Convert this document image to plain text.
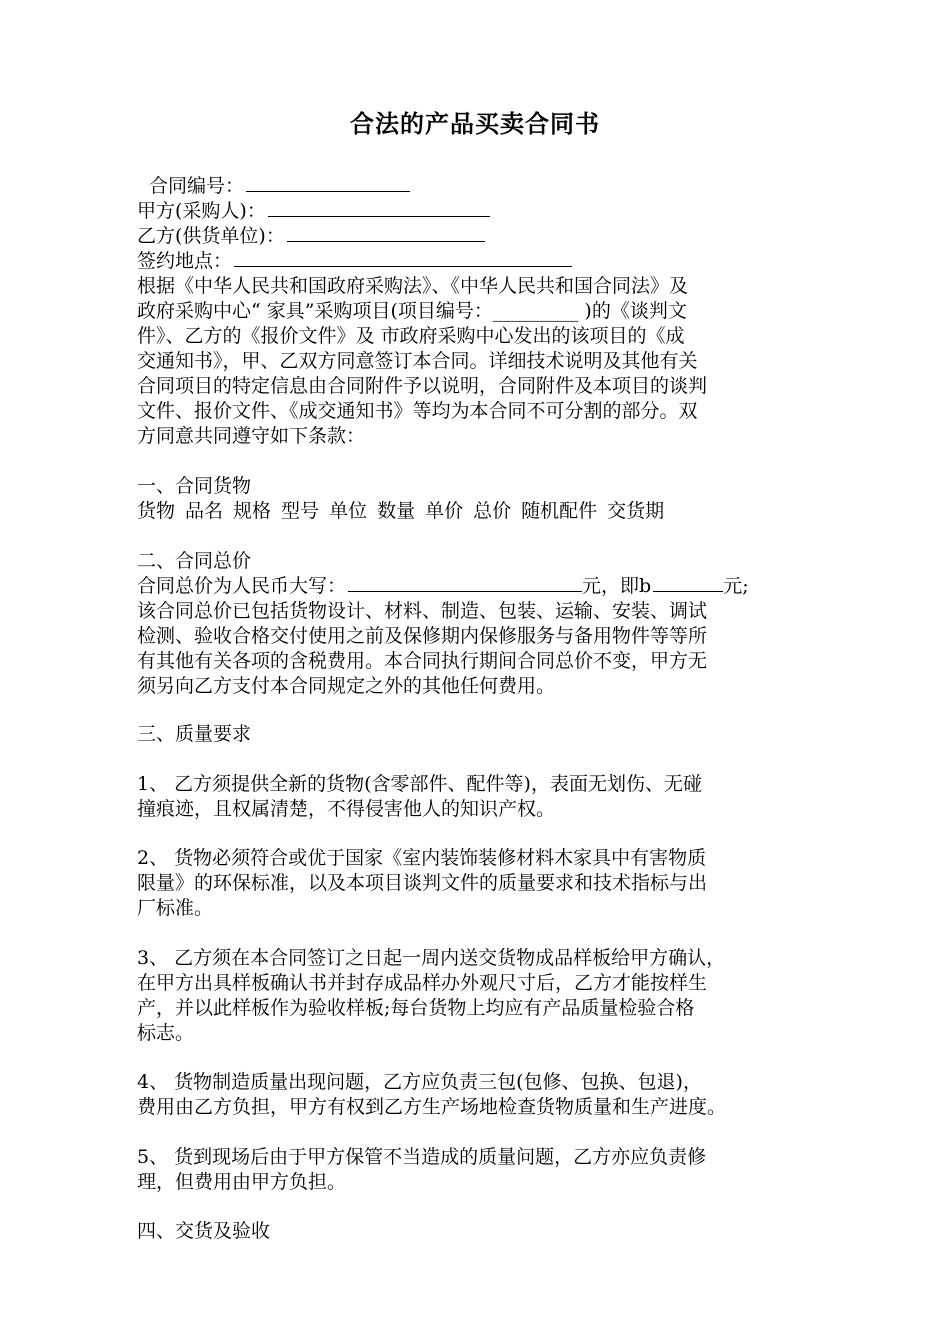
合法的产品买卖合同书
合同编号：
甲方(采购人)：
乙方(供货单位)：
签约地点：
根据《中华人民共和国政府采购法》、《中华人民共和国合同法》及
政府采购中心“ 家具”采购项目(项目编号：_________ )的《谈判文
件》、乙方的《报价文件》及 市政府采购中心发出的该项目的《成
交通知书》，甲、乙双方同意签订本合同。详细技术说明及其他有关
合同项目的特定信息由合同附件予以说明，合同附件及本项目的谈判
文件、报价文件、《成交通知书》等均为本合同不可分割的部分。双
方同意共同遵守如下条款：
一、合同货物
货物 品名 规格 型号 单位 数量 单价 总价 随机配件 交货期
二、合同总价
合同总价为人民币大写：	元，即b	元;
该合同总价已包括货物设计、材料、制造、包装、运输、安装、调试
检测、验收合格交付使用之前及保修期内保修服务与备用物件等等所
有其他有关各项的含税费用。本合同执行期间合同总价不变，甲方无
须另向乙方支付本合同规定之外的其他任何费用。
三、质量要求
1、 乙方须提供全新的货物(含零部件、配件等)，表面无划伤、无碰
撞痕迹，且权属清楚，不得侵害他人的知识产权。
2、 货物必须符合或优于国家《室内装饰装修材料木家具中有害物质
限量》的环保标准，以及本项目谈判文件的质量要求和技术指标与出
厂标准。
3、 乙方须在本合同签订之日起一周内送交货物成品样板给甲方确认，
在甲方出具样板确认书并封存成品样办外观尺寸后，乙方才能按样生
产，并以此样板作为验收样板;每台货物上均应有产品质量检验合格
标志。
4、 货物制造质量出现问题，乙方应负责三包(包修、包换、包退)，
费用由乙方负担，甲方有权到乙方生产场地检查货物质量和生产进度。
5、 货到现场后由于甲方保管不当造成的质量问题，乙方亦应负责修
理，但费用由甲方负担。
四、交货及验收
